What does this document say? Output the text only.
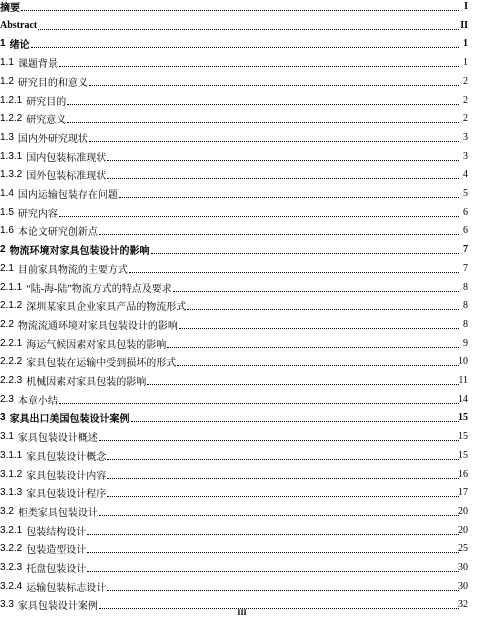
摘要	I
Abstract	II
1 绪论	1
1.1 课题背景	1
1.2 研究目的和意义	2
1.2.1 研究目的	2
1.2.2 研究意义	2
1.3 国内外研究现状	3
1.3.1 国内包装标准现状	3
1.3.2 国外包装标准现状	4
1.4 国内运输包装存在问题	5
1.5 研究内容	6
1.6 本论文研究创新点	6
2 物流环境对家具包装设计的影响	7
2.1 目前家具物流的主要方式	7
2.1.1 “陆-海-陆”物流方式的特点及要求	8
2.1.2 深圳某家具企业家具产品的物流形式	8
2.2 物流流通环境对家具包装设计的影响	8
2.2.1 海运气候因素对家具包装的影响	9
2.2.2 家具包装在运输中受到损坏的形式	10
2.2.3 机械因素对家具包装的影响	11
2.3 本章小结	14
3 家具出口美国包装设计案例	15
3.1 家具包装设计概述	15
3.1.1 家具包装设计概念	15
3.1.2 家具包装设计内容	16
3.1.3 家具包装设计程序	17
3.2 柜类家具包装设计	20
3.2.1 包装结构设计	20
3.2.2 包装造型设计	25
3.2.3 托盘包装设计	30
3.2.4 运输包装标志设计	30
3.3 家具包装设计案例	32
III
